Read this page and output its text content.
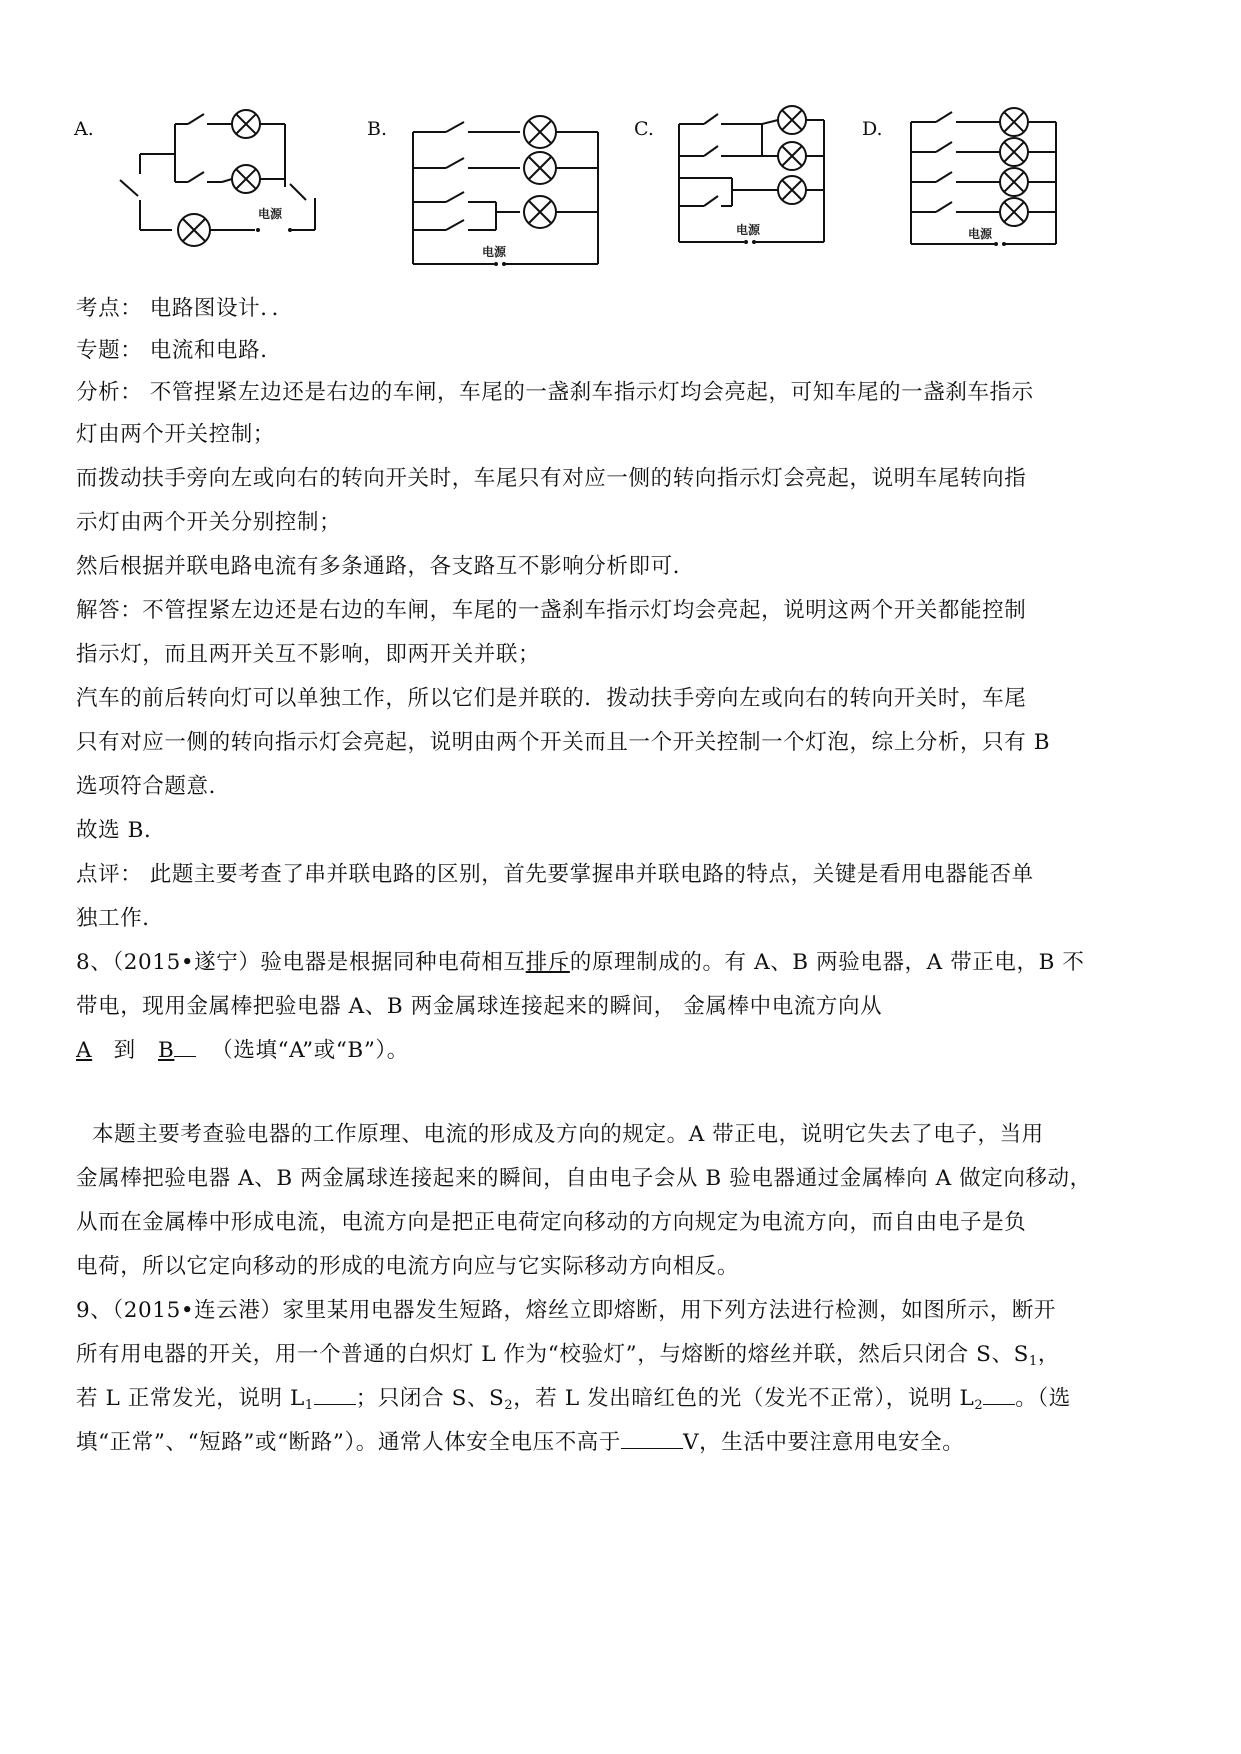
A.
电源
B.
电源
C.
电源
D.
电源
考点： 电路图设计．．
专题： 电流和电路．
分析： 不管捏紧左边还是右边的车闸，车尾的一盏刹车指示灯均会亮起，可知车尾的一盏刹车指示
灯由两个开关控制；
而拨动扶手旁向左或向右的转向开关时，车尾只有对应一侧的转向指示灯会亮起，说明车尾转向指
示灯由两个开关分别控制；
然后根据并联电路电流有多条通路，各支路互不影响分析即可．
解答：不管捏紧左边还是右边的车闸，车尾的一盏刹车指示灯均会亮起，说明这两个开关都能控制
指示灯，而且两开关互不影响，即两开关并联；
汽车的前后转向灯可以单独工作，所以它们是并联的．拨动扶手旁向左或向右的转向开关时，车尾
只有对应一侧的转向指示灯会亮起，说明由两个开关而且一个开关控制一个灯泡，综上分析，只有 B
选项符合题意．
故选 B．
点评： 此题主要考查了串并联电路的区别，首先要掌握串并联电路的特点，关键是看用电器能否单
独工作．
8、（2015•遂宁）验电器是根据同种电荷相互排斥的原理制成的。有 A、B 两验电器，A 带正电，B 不
带电，现用金属棒把验电器 A、B 两金属球连接起来的瞬间， 金属棒中电流方向从
A 到 B （选填“A”或“B”）。
本题主要考查验电器的工作原理、电流的形成及方向的规定。A 带正电，说明它失去了电子，当用
金属棒把验电器 A、B 两金属球连接起来的瞬间，自由电子会从 B 验电器通过金属棒向 A 做定向移动，
从而在金属棒中形成电流，电流方向是把正电荷定向移动的方向规定为电流方向，而自由电子是负
电荷，所以它定向移动的形成的电流方向应与它实际移动方向相反。
9、（2015•连云港）家里某用电器发生短路，熔丝立即熔断，用下列方法进行检测，如图所示，断开
所有用电器的开关，用一个普通的白炽灯 L 作为“校验灯”，与熔断的熔丝并联，然后只闭合 S、$S_1$，
若 L 正常发光，说明 $L_1$ ；只闭合 S、$S_2$，若 L 发出暗红色的光（发光不正常），说明 $L_2$ 。（选
填“正常”、“短路”或“断路”）。通常人体安全电压不高于	V，生活中要注意用电安全。
